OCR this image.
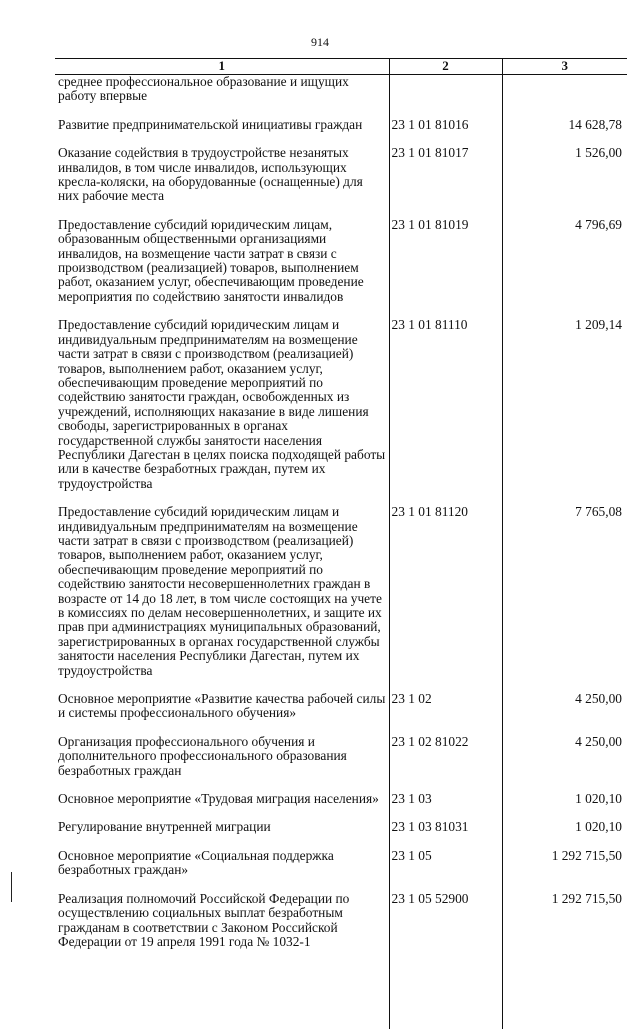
914
1	2	3
среднее профессиональное образование и ищущих работу впервые		

Развитие предпринимательской инициативы граждан	23 1 01 81016	14 628,78

Оказание содействия в трудоустройстве незанятых инвалидов, в том числе инвалидов, использующих кресла-коляски, на оборудованные (оснащенные) для них рабочие места	23 1 01 81017	1 526,00

Предоставление субсидий юридическим лицам, образованным общественными организациями инвалидов, на возмещение части затрат в связи с производством (реализацией) товаров, выполнением работ, оказанием услуг, обеспечивающим проведение мероприятия по содействию занятости инвалидов	23 1 01 81019	4 796,69

Предоставление субсидий юридическим лицам и индивидуальным предпринимателям на возмещение части затрат в связи с производством (реализацией) товаров, выполнением работ, оказанием услуг, обеспечивающим проведение мероприятий по содействию занятости граждан, освобожденных из учреждений, исполняющих наказание в виде лишения свободы, зарегистрированных в органах государственной службы занятости населения Республики Дагестан в целях поиска подходящей работы или в качестве безработных граждан, путем их трудоустройства	23 1 01 81110	1 209,14

Предоставление субсидий юридическим лицам и индивидуальным предпринимателям на возмещение части затрат в связи с производством (реализацией) товаров, выполнением работ, оказанием услуг, обеспечивающим проведение мероприятий по содействию занятости несовершеннолетних граждан в возрасте от 14 до 18 лет, в том числе состоящих на учете в комиссиях по делам несовершеннолетних, и защите их прав при администрациях муниципальных образований, зарегистрированных в органах государственной службы занятости населения Республики Дагестан, путем их трудоустройства	23 1 01 81120	7 765,08

Основное мероприятие «Развитие качества рабочей силы и системы профессионального обучения»	23 1 02	4 250,00

Организация профессионального обучения и дополнительного профессионального образования безработных граждан	23 1 02 81022	4 250,00

Основное мероприятие «Трудовая миграция населения»	23 1 03	1 020,10

Регулирование внутренней миграции	23 1 03 81031	1 020,10

Основное мероприятие «Социальная поддержка безработных граждан»	23 1 05	1 292 715,50

Реализация полномочий Российской Федерации по осуществлению социальных выплат безработным гражданам в соответствии с Законом Российской Федерации от 19 апреля 1991 года № 1032-1	23 1 05 52900	1 292 715,50
